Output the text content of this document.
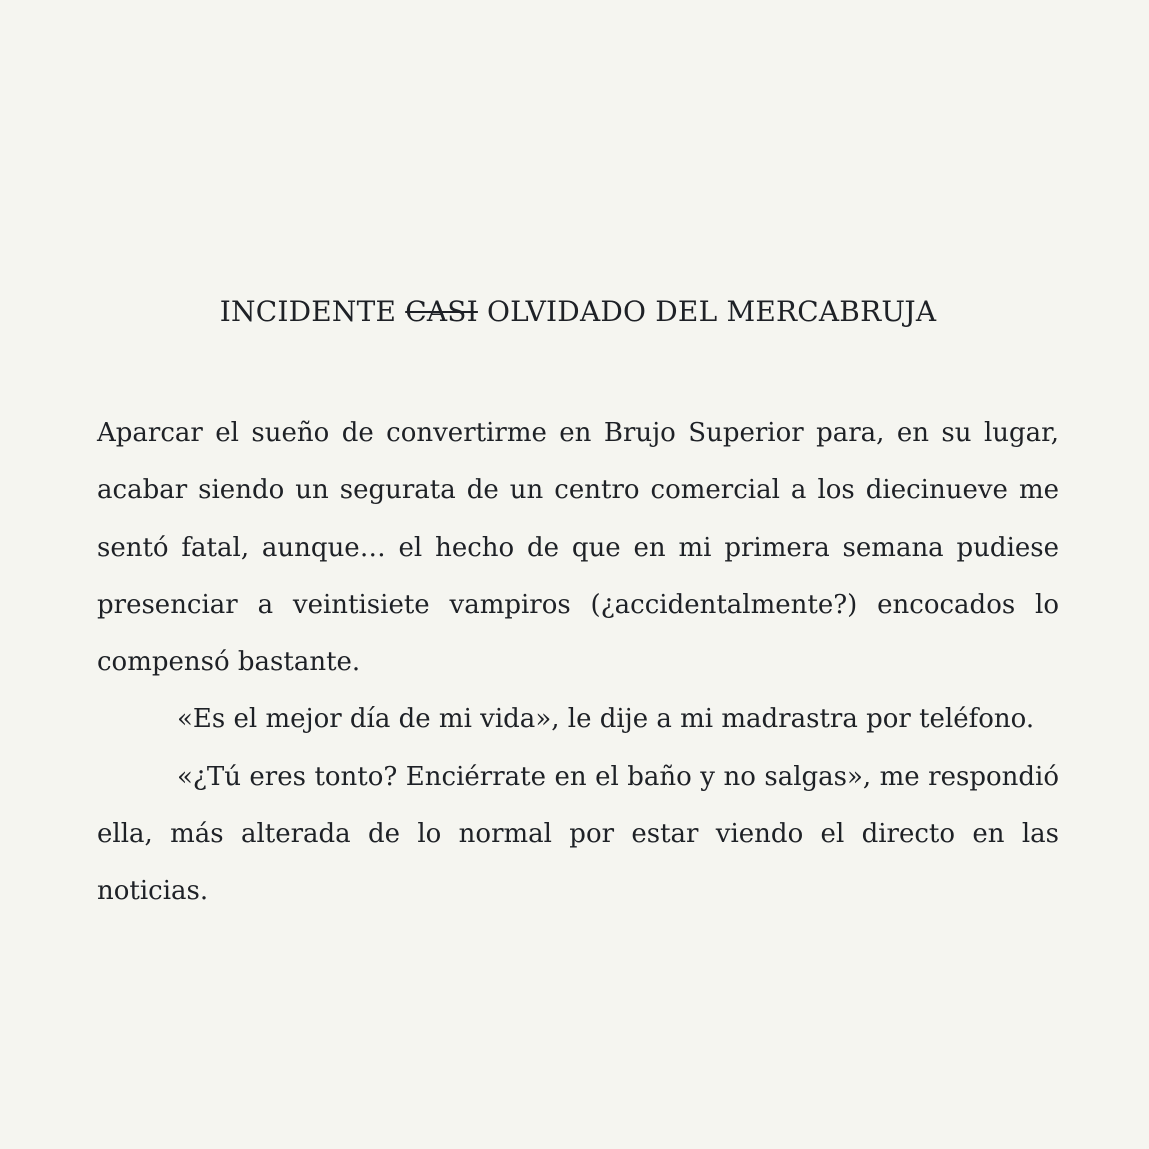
INCIDENTE CASI OLVIDADO DEL MERCABRUJA

Aparcar el sueño de convertirme en Brujo Superior para, en su lugar, acabar siendo un segurata de un centro comercial a los diecinueve me sentó fatal, aunque… el hecho de que en mi primera semana pudiese presenciar a veintisiete vampiros (¿accidentalmente?) encocados lo compensó bastante.

«Es el mejor día de mi vida», le dije a mi madrastra por teléfono.

«¿Tú eres tonto? Enciérrate en el baño y no salgas», me respondió ella, más alterada de lo normal por estar viendo el directo en las noticias.
